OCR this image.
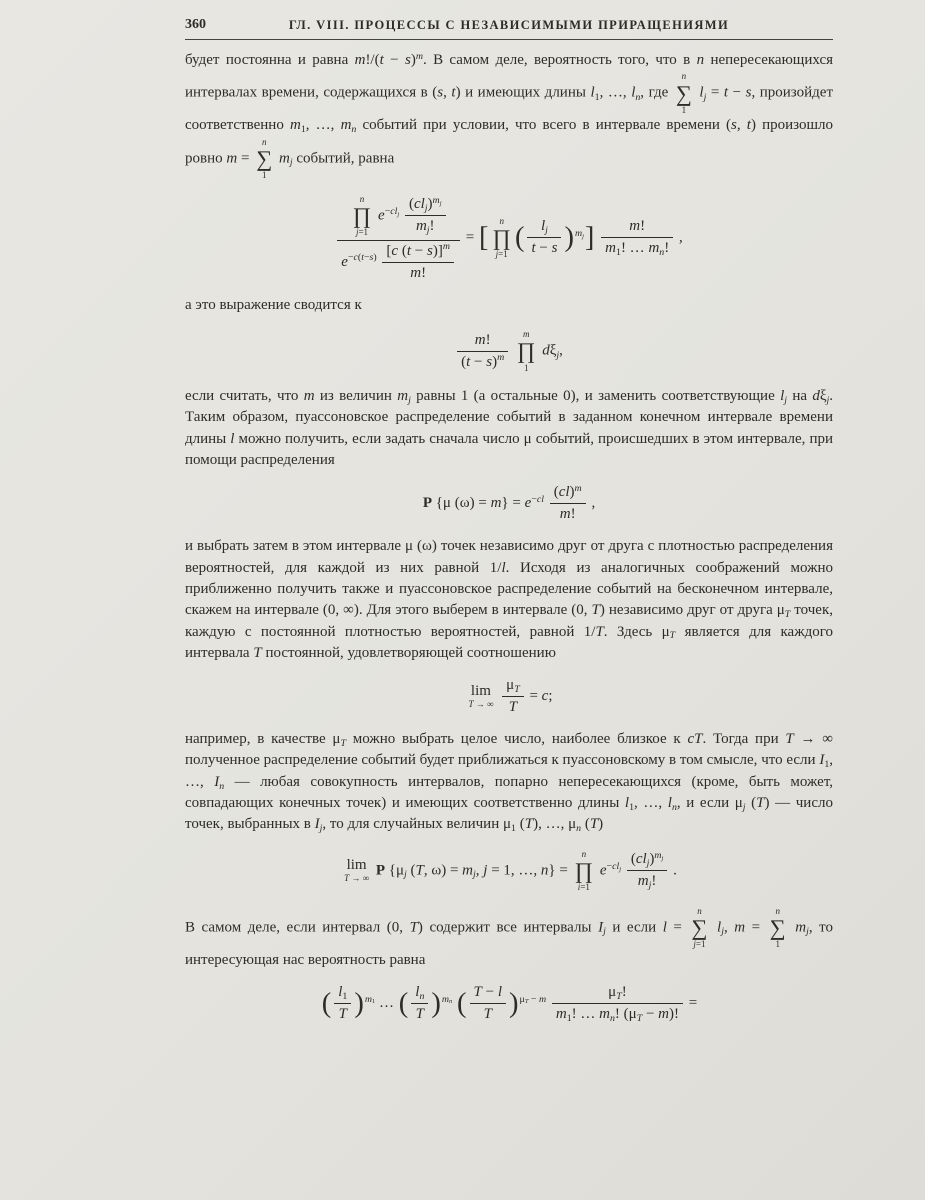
360	ГЛ. VIII. ПРОЦЕССЫ С НЕЗАВИСИМЫМИ ПРИРАЩЕНИЯМИ

будет постоянна и равна $m!/(t - s)^m$. В самом деле, вероятность того, что в n непересекающихся интервалах времени, содержащихся в (s, t) и имеющих длины $l_1$, …, $l_n$, где
n
∑
1
$l_j = t - s$, произойдет соответственно $m_1$, …, $m_n$ событий при условии, что всего в интервале времени (s, t) произошло ровно m =
n
∑
1
$m_j$ событий, равна

n
∏
j=1
$e^{-cl_j} \frac{(cl_j)^{m_j}}{m_j!}$
$e^{-c(t-s)} \frac{[c (t - s)]^m}{m!}$ = [
n
∏
j=1
( $\frac{l_j}{t - s} )^{m_j}] \frac{m!}{m_1! \dots m_n!}$ ,

а это выражение сводится к

$\frac{m!}{(t - s)^m}$
m
∏
1
$d\xi_j$,

если считать, что m из величин $m_j$ равны 1 (а остальные 0), и заменить соответствующие $l_j$ на $d\xi_j$. Таким образом, пуассоновское распределение событий в заданном конечном интервале времени длины l можно получить, если задать сначала число μ событий, происшедших в этом интервале, при помощи распределения

P {μ $(\omega) = m\} = e^{-cl} \frac{(cl)^m}{m!}$ ,

и выбрать затем в этом интервале μ (ω) точек независимо друг от друга с плотностью распределения вероятностей, для каждой из них равной 1/l. Исходя из аналогичных соображений можно приближенно получить также и пуассоновское распределение событий на бесконечном интервале, скажем на интервале (0, ∞). Для этого выберем в интервале (0, T) независимо друг от друга $\mu_T$ точек, каждую с постоянной плотностью вероятностей, равной 1/T. Здесь $\mu_T$ является для каждого интервала T постоянной, удовлетворяющей соотношению

lim
T → ∞
$\frac{\mu_T}{T} = c$;

например, в качестве $\mu_T$ можно выбрать целое число, наиболее близкое к cT. Тогда при T → ∞ полученное распределение событий будет приближаться к пуассоновскому в том смысле, что если $I_1$, …, $I_n$ — любая совокупность интервалов, попарно непересекающихся (кроме, быть может, совпадающих конечных точек) и имеющих соответственно длины $l_1$, …, $l_n$, и если $\mu_j$ (T) — число точек, выбранных в $I_j$, то для случайных величин $\mu_1$ (T), …, $\mu_n$ (T)

lim
T → ∞ P {$\mu_j$ (T, $\omega) = m_j$, j = 1, …, n} =
n
∏
i=1
$e^{-cl_j} \frac{(cl_j)^{m_j}}{m_j!}$ .

В самом деле, если интервал (0, T) содержит все интервалы $I_j$ и если l =
n
∑
j=1
$l_j$, m =
n
∑
1
$m_j$, то интересующая нас вероятность равна

( $\frac{l_1}{T} )^{m_1}$ … ( $\frac{l_n}{T} )^{m_n}$ ( $\frac{T - l}{T} )^{\mu_T - m} \frac{\mu_T!}{m_1! \dots m_n! (\mu_T - m)!}$ =
